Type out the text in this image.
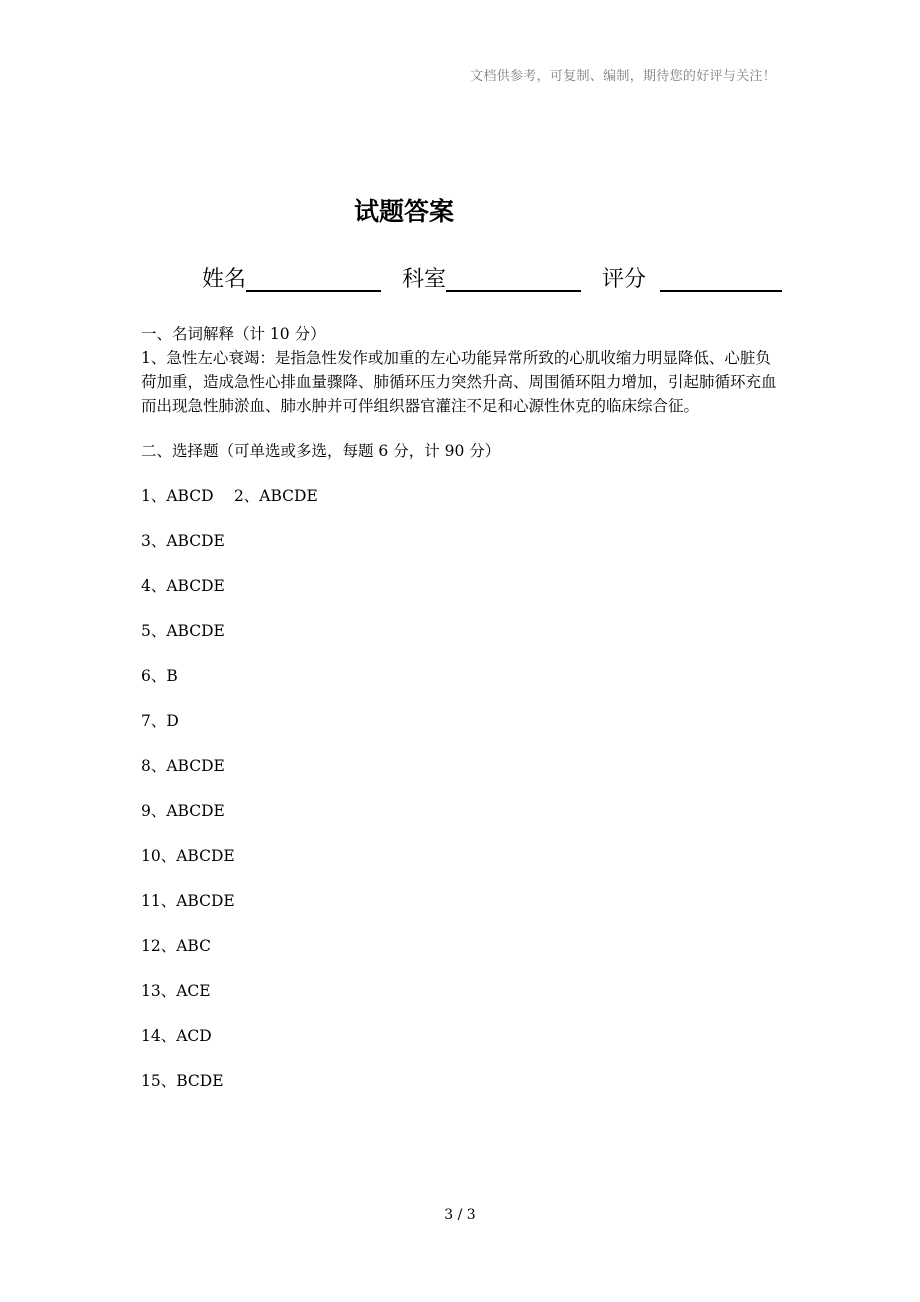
文档供参考，可复制、编制，期待您的好评与关注！
试题答案
姓名	科室	评分

一、名词解释（计 10 分）

1、急性左心衰竭：是指急性发作或加重的左心功能异常所致的心肌收缩力明显降低、心脏负荷加重，造成急性心排血量骤降、肺循环压力突然升高、周围循环阻力增加，引起肺循环充血而出现急性肺淤血、肺水肿并可伴组织器官灌注不足和心源性休克的临床综合征。

二、选择题（可单选或多选，每题 6 分，计 90 分）

1、ABCD　 2、ABCDE

3、ABCDE

4、ABCDE

5、ABCDE

6、B

7、D

8、ABCDE

9、ABCDE

10、ABCDE

11、ABCDE

12、ABC

13、ACE

14、ACD

15、BCDE

3 / 3
